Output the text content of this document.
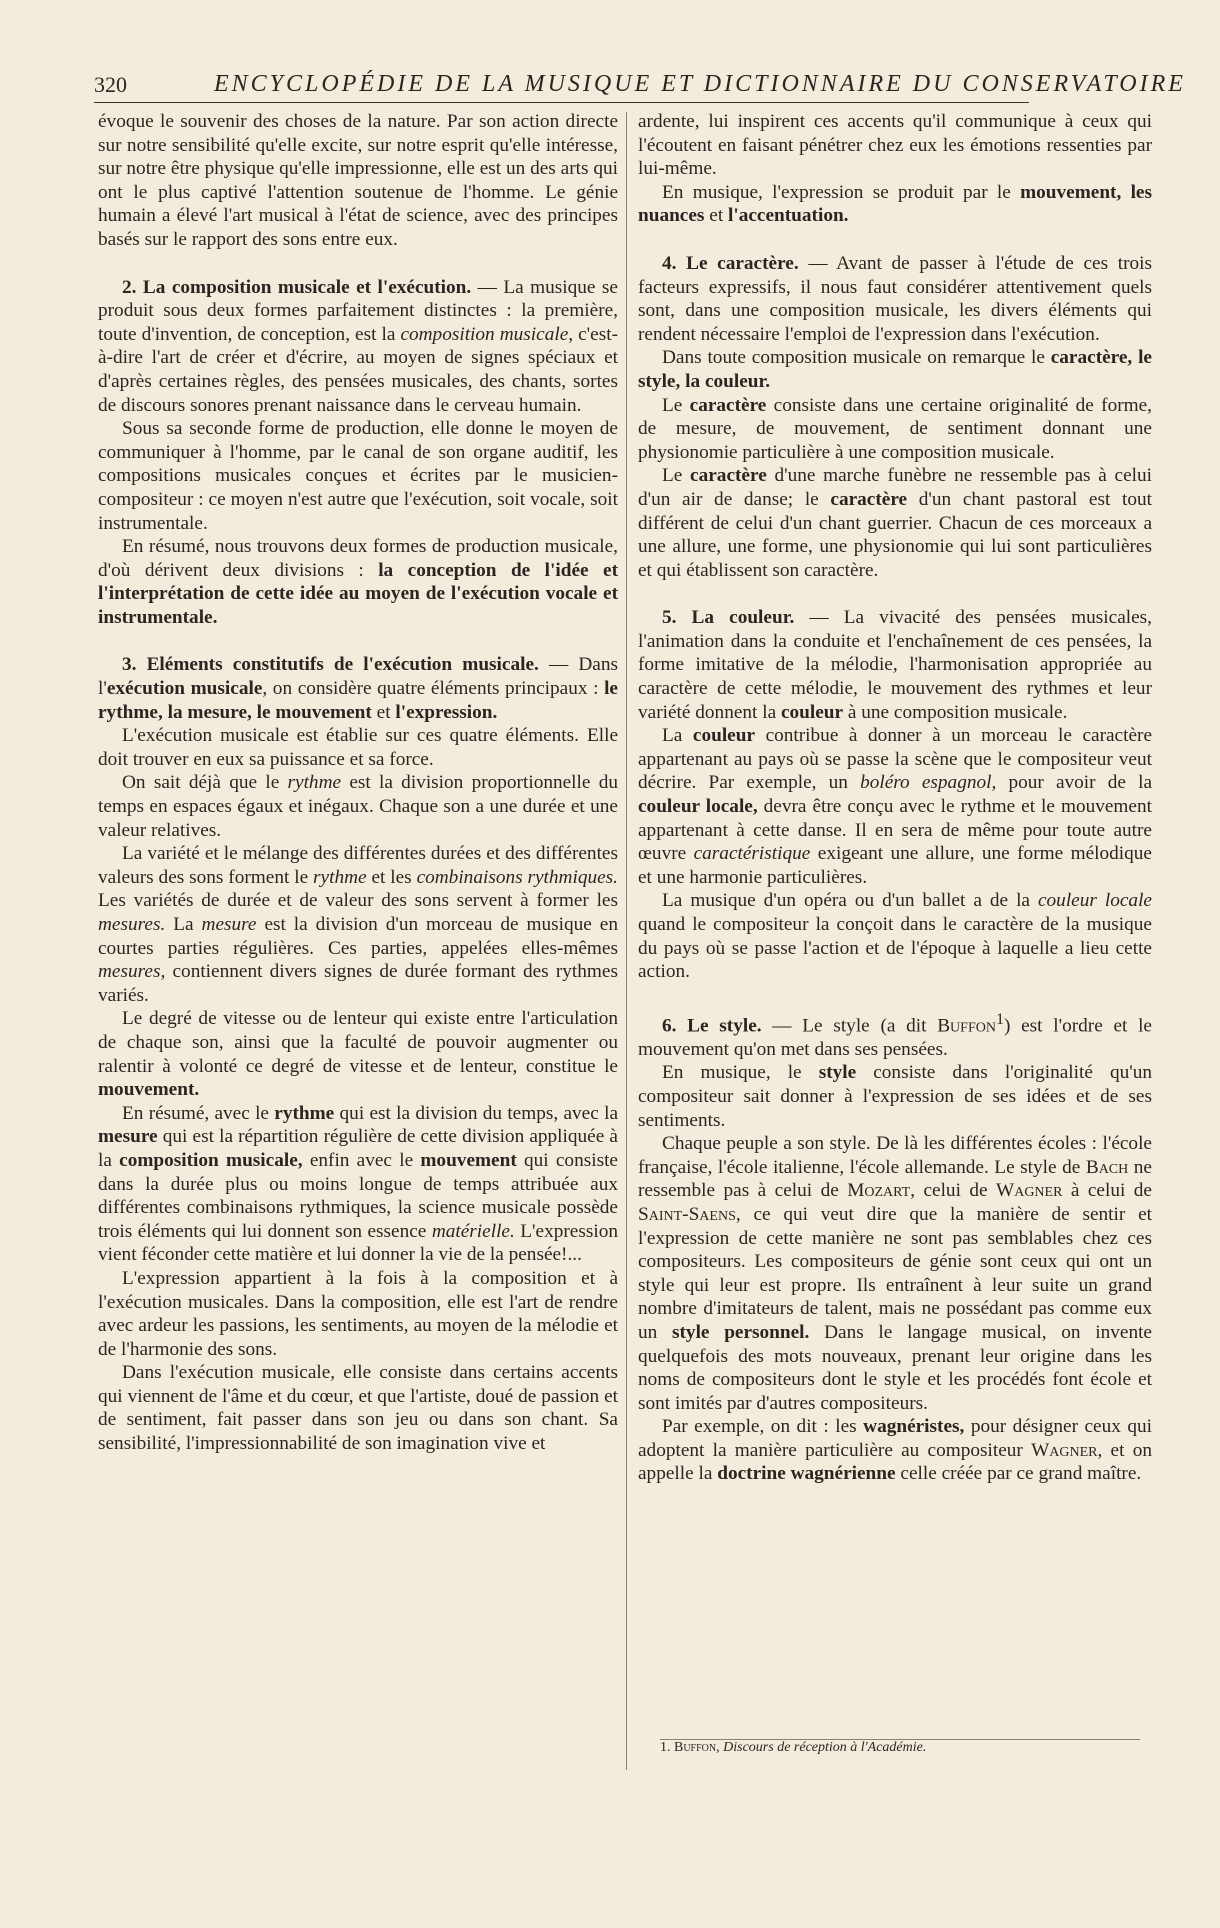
320	ENCYCLOPÉDIE DE LA MUSIQUE ET DICTIONNAIRE DU CONSERVATOIRE

évoque le souvenir des choses de la nature. Par son action directe sur notre sensibilité qu'elle excite, sur notre esprit qu'elle intéresse, sur notre être physique qu'elle impressionne, elle est un des arts qui ont le plus captivé l'attention soutenue de l'homme. Le génie humain a élevé l'art musical à l'état de science, avec des principes basés sur le rapport des sons entre eux.

2. La composition musicale et l'exécution. — La musique se produit sous deux formes parfaitement distinctes : la première, toute d'invention, de conception, est la composition musicale, c'est-à-dire l'art de créer et d'écrire, au moyen de signes spéciaux et d'après certaines règles, des pensées musicales, des chants, sortes de discours sonores prenant naissance dans le cerveau humain.

Sous sa seconde forme de production, elle donne le moyen de communiquer à l'homme, par le canal de son organe auditif, les compositions musicales conçues et écrites par le musicien-compositeur : ce moyen n'est autre que l'exécution, soit vocale, soit instrumentale.

En résumé, nous trouvons deux formes de production musicale, d'où dérivent deux divisions : la conception de l'idée et l'interprétation de cette idée au moyen de l'exécution vocale et instrumentale.

3. Eléments constitutifs de l'exécution musicale. — Dans l'exécution musicale, on considère quatre éléments principaux : le rythme, la mesure, le mouvement et l'expression.

L'exécution musicale est établie sur ces quatre éléments. Elle doit trouver en eux sa puissance et sa force.

On sait déjà que le rythme est la division proportionnelle du temps en espaces égaux et inégaux. Chaque son a une durée et une valeur relatives.

La variété et le mélange des différentes durées et des différentes valeurs des sons forment le rythme et les combinaisons rythmiques. Les variétés de durée et de valeur des sons servent à former les mesures. La mesure est la division d'un morceau de musique en courtes parties régulières. Ces parties, appelées elles-mêmes mesures, contiennent divers signes de durée formant des rythmes variés.

Le degré de vitesse ou de lenteur qui existe entre l'articulation de chaque son, ainsi que la faculté de pouvoir augmenter ou ralentir à volonté ce degré de vitesse et de lenteur, constitue le mouvement.

En résumé, avec le rythme qui est la division du temps, avec la mesure qui est la répartition régulière de cette division appliquée à la composition musicale, enfin avec le mouvement qui consiste dans la durée plus ou moins longue de temps attribuée aux différentes combinaisons rythmiques, la science musicale possède trois éléments qui lui donnent son essence matérielle. L'expression vient féconder cette matière et lui donner la vie de la pensée!...

L'expression appartient à la fois à la composition et à l'exécution musicales. Dans la composition, elle est l'art de rendre avec ardeur les passions, les sentiments, au moyen de la mélodie et de l'harmonie des sons.

Dans l'exécution musicale, elle consiste dans certains accents qui viennent de l'âme et du cœur, et que l'artiste, doué de passion et de sentiment, fait passer dans son jeu ou dans son chant. Sa sensibilité, l'impressionnabilité de son imagination vive et

ardente, lui inspirent ces accents qu'il communique à ceux qui l'écoutent en faisant pénétrer chez eux les émotions ressenties par lui-même.

En musique, l'expression se produit par le mouvement, les nuances et l'accentuation.

4. Le caractère. — Avant de passer à l'étude de ces trois facteurs expressifs, il nous faut considérer attentivement quels sont, dans une composition musicale, les divers éléments qui rendent nécessaire l'emploi de l'expression dans l'exécution.

Dans toute composition musicale on remarque le caractère, le style, la couleur.

Le caractère consiste dans une certaine originalité de forme, de mesure, de mouvement, de sentiment donnant une physionomie particulière à une composition musicale.

Le caractère d'une marche funèbre ne ressemble pas à celui d'un air de danse; le caractère d'un chant pastoral est tout différent de celui d'un chant guerrier. Chacun de ces morceaux a une allure, une forme, une physionomie qui lui sont particulières et qui établissent son caractère.

5. La couleur. — La vivacité des pensées musicales, l'animation dans la conduite et l'enchaînement de ces pensées, la forme imitative de la mélodie, l'harmonisation appropriée au caractère de cette mélodie, le mouvement des rythmes et leur variété donnent la couleur à une composition musicale.

La couleur contribue à donner à un morceau le caractère appartenant au pays où se passe la scène que le compositeur veut décrire. Par exemple, un boléro espagnol, pour avoir de la couleur locale, devra être conçu avec le rythme et le mouvement appartenant à cette danse. Il en sera de même pour toute autre œuvre caractéristique exigeant une allure, une forme mélodique et une harmonie particulières.

La musique d'un opéra ou d'un ballet a de la couleur locale quand le compositeur la conçoit dans le caractère de la musique du pays où se passe l'action et de l'époque à laquelle a lieu cette action.

6. Le style. — Le style (a dit Buffon$^1$) est l'ordre et le mouvement qu'on met dans ses pensées.

En musique, le style consiste dans l'originalité qu'un compositeur sait donner à l'expression de ses idées et de ses sentiments.

Chaque peuple a son style. De là les différentes écoles : l'école française, l'école italienne, l'école allemande. Le style de Bach ne ressemble pas à celui de Mozart, celui de Wagner à celui de Saint-Saens, ce qui veut dire que la manière de sentir et l'expression de cette manière ne sont pas semblables chez ces compositeurs. Les compositeurs de génie sont ceux qui ont un style qui leur est propre. Ils entraînent à leur suite un grand nombre d'imitateurs de talent, mais ne possédant pas comme eux un style personnel. Dans le langage musical, on invente quelquefois des mots nouveaux, prenant leur origine dans les noms de compositeurs dont le style et les procédés font école et sont imités par d'autres compositeurs.

Par exemple, on dit : les wagnéristes, pour désigner ceux qui adoptent la manière particulière au compositeur Wagner, et on appelle la doctrine wagnérienne celle créée par ce grand maître.

1. Buffon, Discours de réception à l'Académie.
